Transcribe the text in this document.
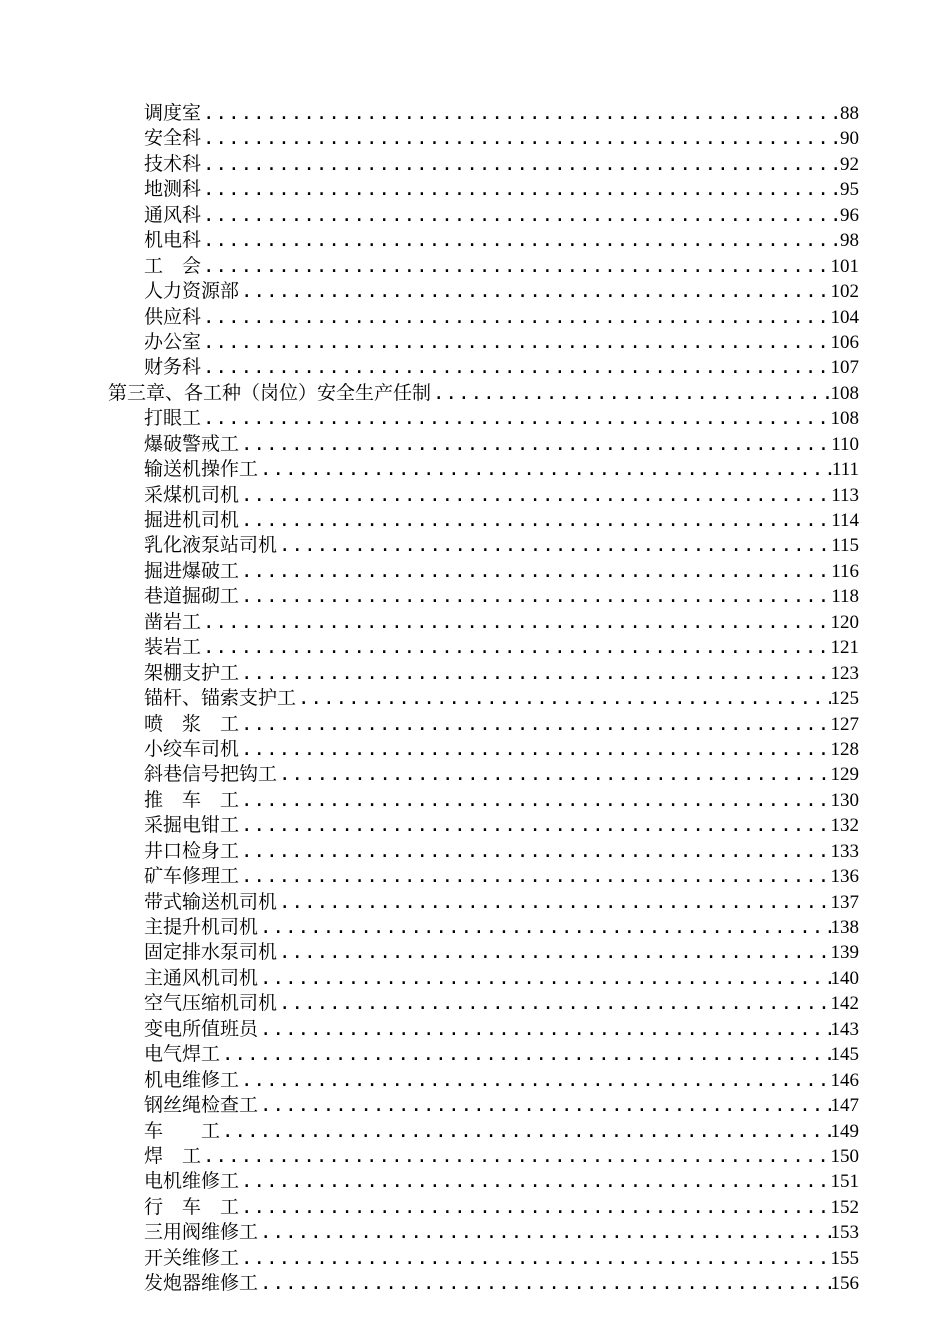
调度室 .....	88
安全科 .....	90
技术科 .....	92
地测科 .....	95
通风科 .....	96
机电科 .....	98
工　会 .....	101
人力资源部 .....	102
供应科 .....	104
办公室 .....	106
财务科 .....	107
第三章、各工种（岗位）安全生产任制 .....	108
打眼工 .....	108
爆破警戒工 .....	110
输送机操作工 .....	111
采煤机司机 .....	113
掘进机司机 .....	114
乳化液泵站司机 .....	115
掘进爆破工 .....	116
巷道掘砌工 .....	118
凿岩工 .....	120
装岩工 .....	121
架棚支护工 .....	123
锚杆、锚索支护工 .....	125
喷　浆　工 .....	127
小绞车司机 .....	128
斜巷信号把钩工 .....	129
推　车　工 .....	130
采掘电钳工 .....	132
井口检身工 .....	133
矿车修理工 .....	136
带式输送机司机 .....	137
主提升机司机 .....	138
固定排水泵司机 .....	139
主通风机司机 .....	140
空气压缩机司机 .....	142
变电所值班员 .....	143
电气焊工 .....	145
机电维修工 .....	146
钢丝绳检查工 .....	147
车　　工 .....	149
焊　工 .....	150
电机维修工 .....	151
行　车　工 .....	152
三用阀维修工 .....	153
开关维修工 .....	155
发炮器维修工 .....	156
